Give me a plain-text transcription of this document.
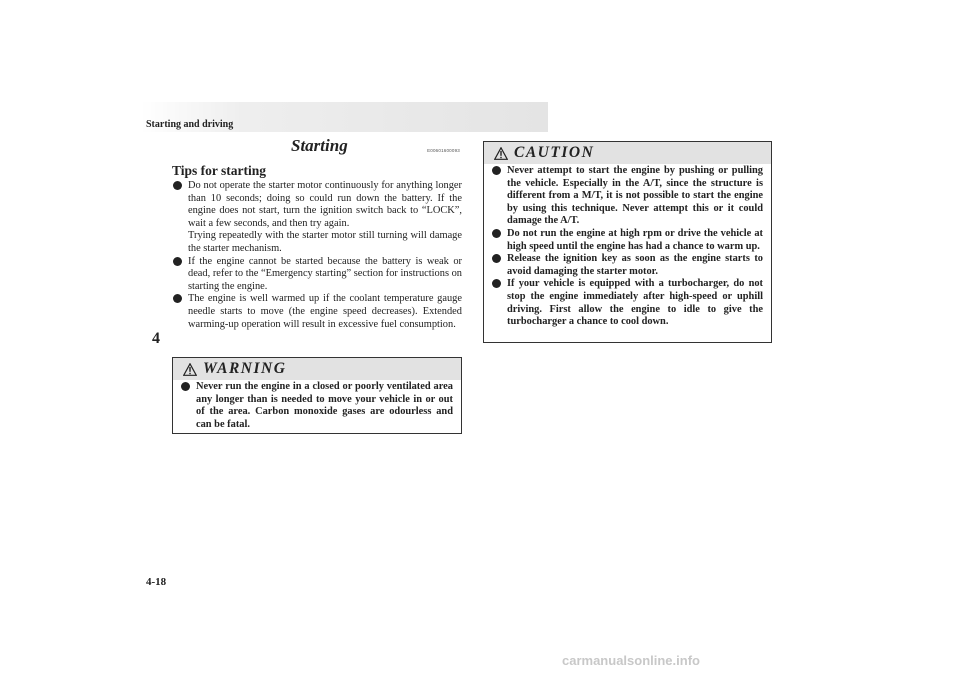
Starting and driving
4
4-18
Starting	E00601600093
Tips for starting
Do not operate the starter motor continuously for anything longer than 10 seconds; doing so could run down the battery. If the engine does not start, turn the ignition switch back to “LOCK”, wait a few seconds, and then try again.
Trying repeatedly with the starter motor still turning will damage the starter mechanism.
If the engine cannot be started because the battery is weak or dead, refer to the “Emergency starting” section for instructions on starting the engine.
The engine is well warmed up if the coolant temperature gauge needle starts to move (the engine speed decreases). Extended warming-up operation will result in excessive fuel consumption.
WARNING
Never run the engine in a closed or poorly ventilated area any longer than is needed to move your vehicle in or out of the area. Carbon monoxide gases are odourless and can be fatal.
CAUTION
Never attempt to start the engine by pushing or pulling the vehicle. Especially in the A/T, since the structure is different from a M/T, it is not possible to start the engine by using this technique. Never attempt this or it could damage the A/T.
Do not run the engine at high rpm or drive the vehicle at high speed until the engine has had a chance to warm up.
Release the ignition key as soon as the engine starts to avoid damaging the starter motor.
If your vehicle is equipped with a turbocharger, do not stop the engine immediately after high-speed or uphill driving. First allow the engine to idle to give the turbocharger a chance to cool down.
carmanualsonline.info
